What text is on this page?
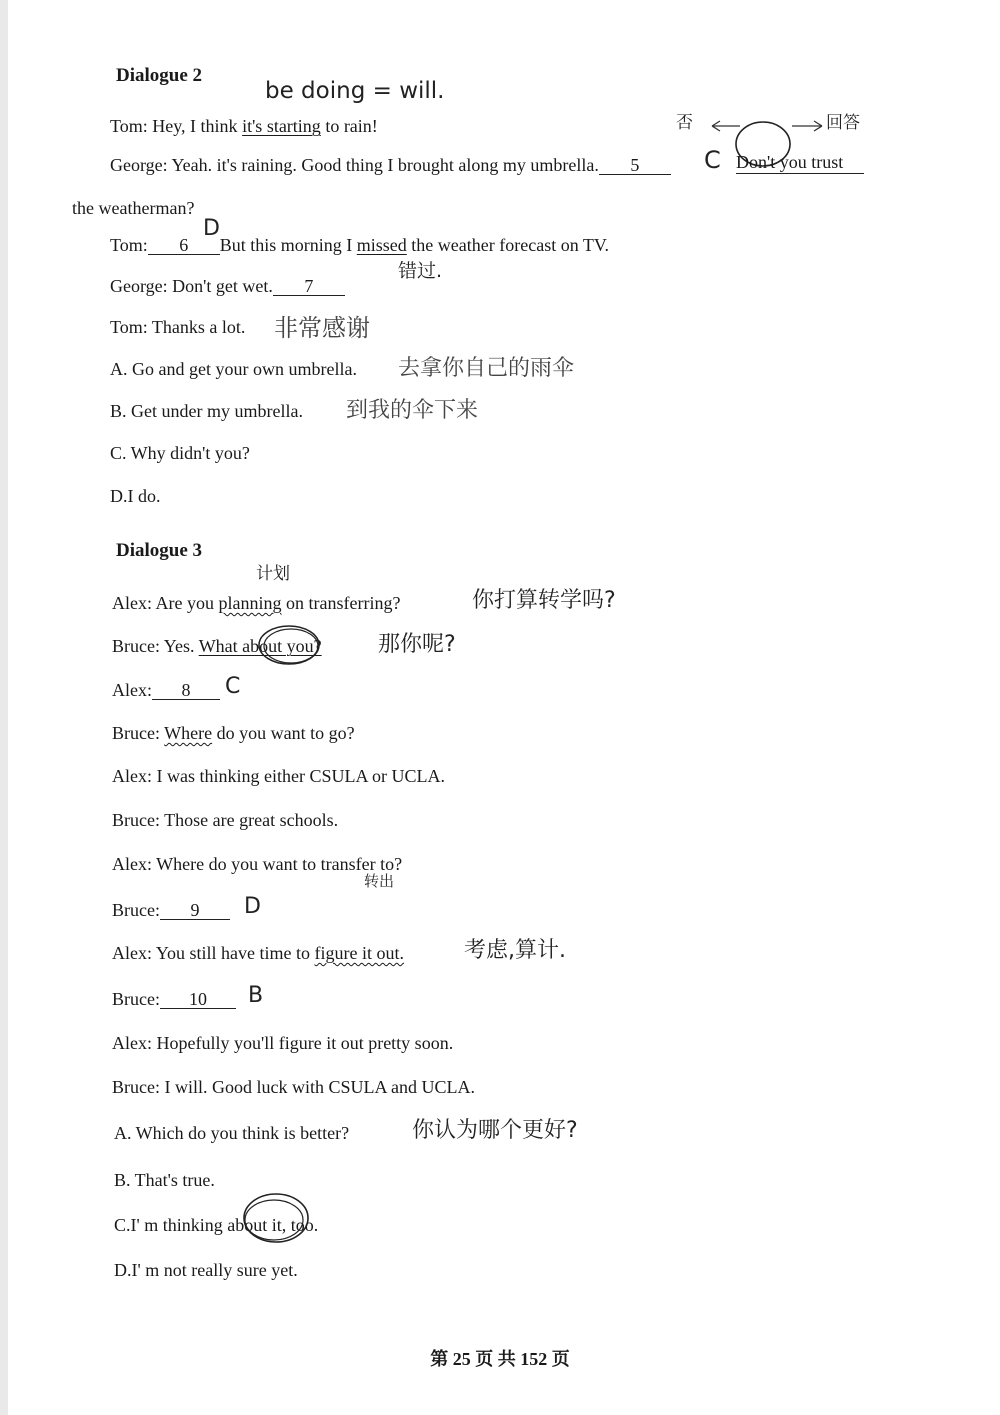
Dialogue 2
be doing = will.
Tom: Hey, I think it's starting to rain!	否	回答
George: Yeah. it's raining. Good thing I brought along my umbrella. 5	C Don't you trust
the weatherman?
Tom: 6 But this morning I missed the weather forecast on TV.
D
错过.
George: Don't get wet. 7
Tom: Thanks a lot. 非常感谢
A. Go and get your own umbrella. 去拿你自己的雨伞
B. Get under my umbrella. 到我的伞下来
C. Why didn't you?
D.I do.
Dialogue 3
计划
Alex: Are you planning on transferring?	你打算转学吗?
Bruce: Yes. What about you?	那你呢?
Alex: 8	C
Bruce: Where do you want to go?
Alex: I was thinking either CSULA or UCLA.
Bruce: Those are great schools.
Alex: Where do you want to transfer to?
转出
Bruce: 9	D
Alex: You still have time to figure it out.	考虑,算计.
Bruce: 10	B
Alex: Hopefully you'll figure it out pretty soon.
Bruce: I will. Good luck with CSULA and UCLA.
A. Which do you think is better?	你认为哪个更好?
B. That's true.
C.I' m thinking about it, too.
D.I' m not really sure yet.
第 25 页 共 152 页
